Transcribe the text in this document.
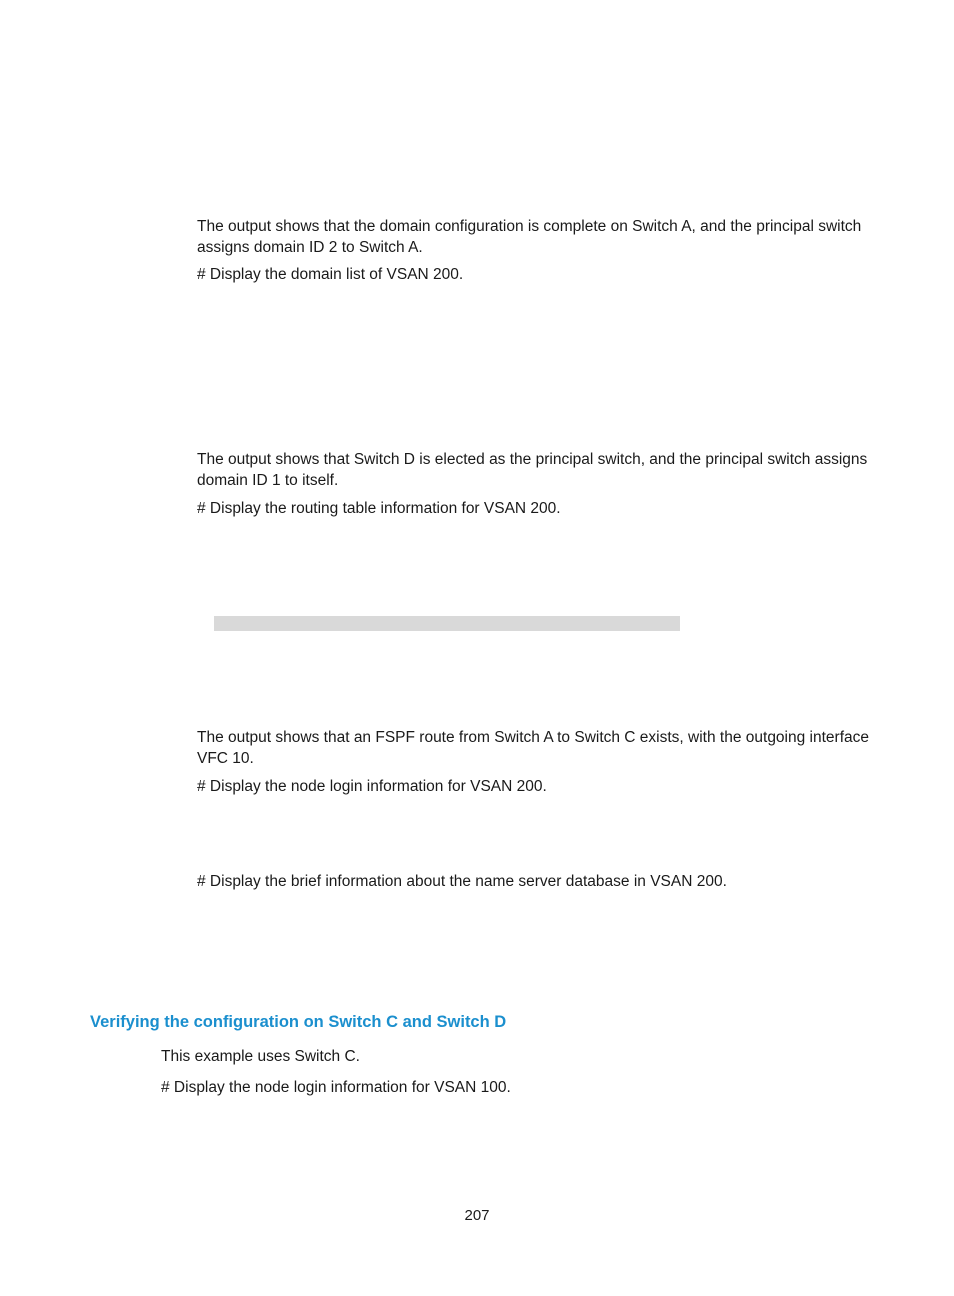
The output shows that the domain configuration is complete on Switch A, and the principal switch assigns domain ID 2 to Switch A.

# Display the domain list of VSAN 200.

The output shows that Switch D is elected as the principal switch, and the principal switch assigns domain ID 1 to itself.

# Display the routing table information for VSAN 200.

The output shows that an FSPF route from Switch A to Switch C exists, with the outgoing interface VFC 10.

# Display the node login information for VSAN 200.

# Display the brief information about the name server database in VSAN 200.

Verifying the configuration on Switch C and Switch D

This example uses Switch C.

# Display the node login information for VSAN 100.

207
